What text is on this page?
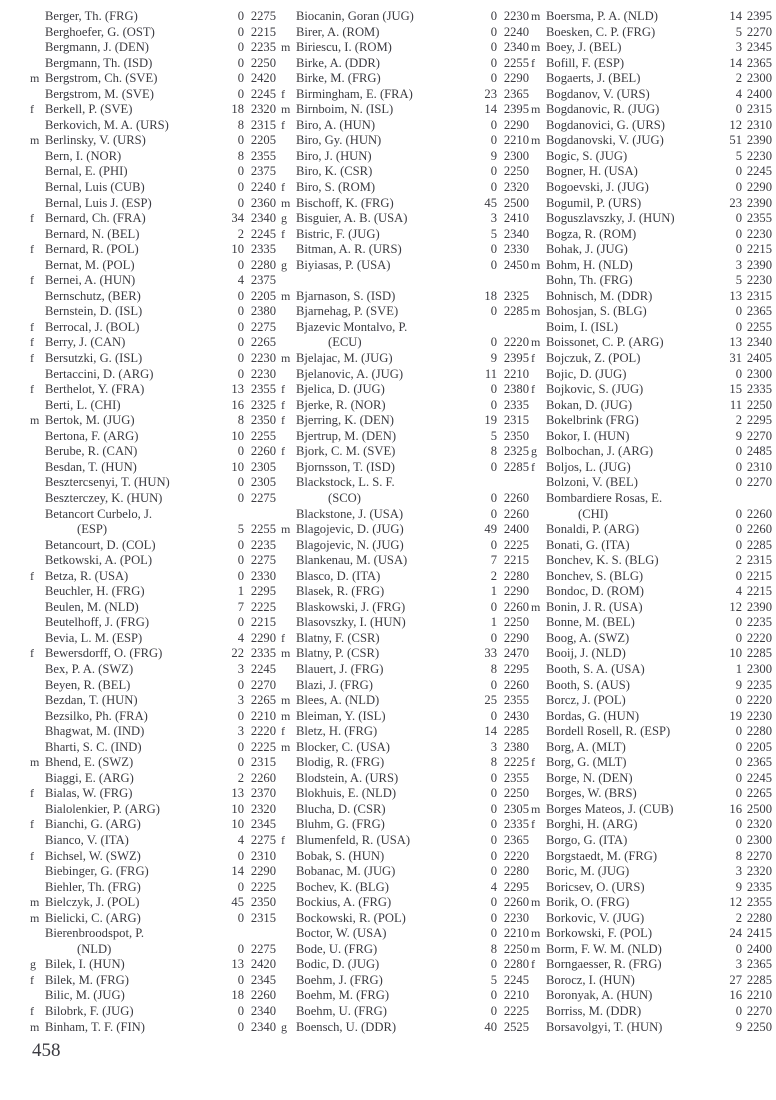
Berger, Th. (FRG)	0 2275
Berghoefer, G. (OST)	0 2215
Bergmann, J. (DEN)	0 2235
Bergmann, Th. (ISD)	0 2250
m Bergstrom, Ch. (SVE)	0 2420
Bergstrom, M. (SVE)	0 2245
f Berkell, P. (SVE)	18 2320
Berkovich, M. A. (URS)	8 2315
m Berlinsky, V. (URS)	0 2205
Bern, I. (NOR)	8 2355
Bernal, E. (PHI)	0 2375
Bernal, Luis (CUB)	0 2240
Bernal, Luis J. (ESP)	0 2360
f Bernard, Ch. (FRA)	34 2340
Bernard, N. (BEL)	2 2245
f Bernard, R. (POL)	10 2335
Bernat, M. (POL)	0 2280
f Bernei, A. (HUN)	4 2375
Bernschutz, (BER)	0 2205
Bernstein, D. (ISL)	0 2380
f Berrocal, J. (BOL)	0 2275
f Berry, J. (CAN)	0 2265
f Bersutzki, G. (ISL)	0 2230
Bertaccini, D. (ARG)	0 2230
f Berthelot, Y. (FRA)	13 2355
Berti, L. (CHI)	16 2325
m Bertok, M. (JUG)	8 2350
Bertona, F. (ARG)	10 2255
Berube, R. (CAN)	0 2260
Besdan, T. (HUN)	10 2305
Besztercsenyi, T. (HUN)	0 2305
Beszterczey, K. (HUN)	0 2275
Betancort Curbelo, J.
(ESP)	5 2255
Betancourt, D. (COL)	0 2235
Betkowski, A. (POL)	0 2275
f Betza, R. (USA)	0 2330
Beuchler, H. (FRG)	1 2295
Beulen, M. (NLD)	7 2225
Beutelhoff, J. (FRG)	0 2215
Bevia, L. M. (ESP)	4 2290
f Bewersdorff, O. (FRG)	22 2335
Bex, P. A. (SWZ)	3 2245
Beyen, R. (BEL)	0 2270
Bezdan, T. (HUN)	3 2265
Bezsilko, Ph. (FRA)	0 2210
Bhagwat, M. (IND)	3 2220
Bharti, S. C. (IND)	0 2225
m Bhend, E. (SWZ)	0 2315
Biaggi, E. (ARG)	2 2260
f Bialas, W. (FRG)	13 2370
Bialolenkier, P. (ARG)	10 2320
f Bianchi, G. (ARG)	10 2345
Bianco, V. (ITA)	4 2275
f Bichsel, W. (SWZ)	0 2310
Biebinger, G. (FRG)	14 2290
Biehler, Th. (FRG)	0 2225
m Bielczyk, J. (POL)	45 2350
m Bielicki, C. (ARG)	0 2315
Bierenbroodspot, P.
(NLD)	0 2275
g Bilek, I. (HUN)	13 2420
f Bilek, M. (FRG)	0 2345
Bilic, M. (JUG)	18 2260
f Bilobrk, F. (JUG)	0 2340
m Binham, T. F. (FIN)	0 2340
Biocanin, Goran (JUG)	0 2230
Birer, A. (ROM)	0 2240
m Biriescu, I. (ROM)	0 2340
Birke, A. (DDR)	0 2255
Birke, M. (FRG)	0 2290
f Birmingham, E. (FRA)	23 2365
m Birnboim, N. (ISL)	14 2395
f Biro, A. (HUN)	0 2290
Biro, Gy. (HUN)	0 2210
Biro, J. (HUN)	9 2300
Biro, K. (CSR)	0 2250
f Biro, S. (ROM)	0 2320
m Bischoff, K. (FRG)	45 2500
g Bisguier, A. B. (USA)	3 2410
f Bistric, F. (JUG)	5 2340
Bitman, A. R. (URS)	0 2330
g Biyiasas, P. (USA)	0 2450
m Bjarnason, S. (ISD)	18 2325
Bjarnehag, P. (SVE)	0 2285
Bjazevic Montalvo, P.
(ECU)	0 2220
m Bjelajac, M. (JUG)	9 2395
Bjelanovic, A. (JUG)	11 2210
f Bjelica, D. (JUG)	0 2380
f Bjerke, R. (NOR)	0 2335
f Bjerring, K. (DEN)	19 2315
Bjertrup, M. (DEN)	5 2350
f Bjork, C. M. (SVE)	8 2325
Bjornsson, T. (ISD)	0 2285
Blackstock, L. S. F.
(SCO)	0 2260
Blackstone, J. (USA)	0 2260
m Blagojevic, D. (JUG)	49 2400
Blagojevic, N. (JUG)	0 2225
Blankenau, M. (USA)	7 2215
Blasco, D. (ITA)	2 2280
Blasek, R. (FRG)	1 2290
Blaskowski, J. (FRG)	0 2260
Blasovszky, I. (HUN)	1 2250
f Blatny, F. (CSR)	0 2290
m Blatny, P. (CSR)	33 2470
Blauert, J. (FRG)	8 2295
Blazi, J. (FRG)	0 2260
m Blees, A. (NLD)	25 2355
m Bleiman, Y. (ISL)	0 2430
f Bletz, H. (FRG)	14 2285
m Blocker, C. (USA)	3 2380
Blodig, R. (FRG)	8 2225
Blodstein, A. (URS)	0 2355
Blokhuis, E. (NLD)	0 2250
Blucha, D. (CSR)	0 2305
Bluhm, G. (FRG)	0 2335
f Blumenfeld, R. (USA)	0 2365
Bobak, S. (HUN)	0 2220
Bobanac, M. (JUG)	0 2280
Bochev, K. (BLG)	4 2295
Bockius, A. (FRG)	0 2260
Bockowski, R. (POL)	0 2230
Boctor, W. (USA)	0 2210
Bode, U. (FRG)	8 2250
Bodic, D. (JUG)	0 2280
Boehm, J. (FRG)	5 2245
Boehm, M. (FRG)	0 2210
Boehm, U. (FRG)	0 2225
g Boensch, U. (DDR)	40 2525
m Boersma, P. A. (NLD)	14 2395
Boesken, C. P. (FRG)	5 2270
m Boey, J. (BEL)	3 2345
f Bofill, F. (ESP)	14 2365
Bogaerts, J. (BEL)	2 2300
Bogdanov, V. (URS)	4 2400
m Bogdanovic, R. (JUG)	0 2315
Bogdanovici, G. (URS)	12 2310
m Bogdanovski, V. (JUG)	51 2390
Bogic, S. (JUG)	5 2230
Bogner, H. (USA)	0 2245
Bogoevski, J. (JUG)	0 2290
Bogumil, P. (URS)	23 2390
Boguszlavszky, J. (HUN)	0 2355
Bogza, R. (ROM)	0 2230
Bohak, J. (JUG)	0 2215
m Bohm, H. (NLD)	3 2390
Bohn, Th. (FRG)	5 2230
Bohnisch, M. (DDR)	13 2315
m Bohosjan, S. (BLG)	0 2365
Boim, I. (ISL)	0 2255
m Boissonet, C. P. (ARG)	13 2340
f Bojczuk, Z. (POL)	31 2405
Bojic, D. (JUG)	0 2300
f Bojkovic, S. (JUG)	15 2335
Bokan, D. (JUG)	11 2250
Bokelbrink (FRG)	2 2295
Bokor, I. (HUN)	9 2270
g Bolbochan, J. (ARG)	0 2485
f Boljos, L. (JUG)	0 2310
Bolzoni, V. (BEL)	0 2270
Bombardiere Rosas, E.
(CHI)	0 2260
Bonaldi, P. (ARG)	0 2260
Bonati, G. (ITA)	0 2285
Bonchev, K. S. (BLG)	2 2315
Bonchev, S. (BLG)	0 2215
Bondoc, D. (ROM)	4 2215
m Bonin, J. R. (USA)	12 2390
Bonne, M. (BEL)	0 2235
Boog, A. (SWZ)	0 2220
Booij, J. (NLD)	10 2285
Booth, S. A. (USA)	1 2300
Booth, S. (AUS)	9 2235
Borcz, J. (POL)	0 2220
Bordas, G. (HUN)	19 2230
Bordell Rosell, R. (ESP)	0 2280
Borg, A. (MLT)	0 2205
f Borg, G. (MLT)	0 2365
Borge, N. (DEN)	0 2245
Borges, W. (BRS)	0 2265
m Borges Mateos, J. (CUB)	16 2500
f Borghi, H. (ARG)	0 2320
Borgo, G. (ITA)	0 2300
Borgstaedt, M. (FRG)	8 2270
Boric, M. (JUG)	3 2320
Boricsev, O. (URS)	9 2335
m Borik, O. (FRG)	12 2355
Borkovic, V. (JUG)	2 2280
m Borkowski, F. (POL)	24 2415
m Borm, F. W. M. (NLD)	0 2400
f Borngaesser, R. (FRG)	3 2365
Borocz, I. (HUN)	27 2285
Boronyak, A. (HUN)	16 2210
Borriss, M. (DDR)	0 2270
Borsavolgyi, T. (HUN)	9 2250
458
